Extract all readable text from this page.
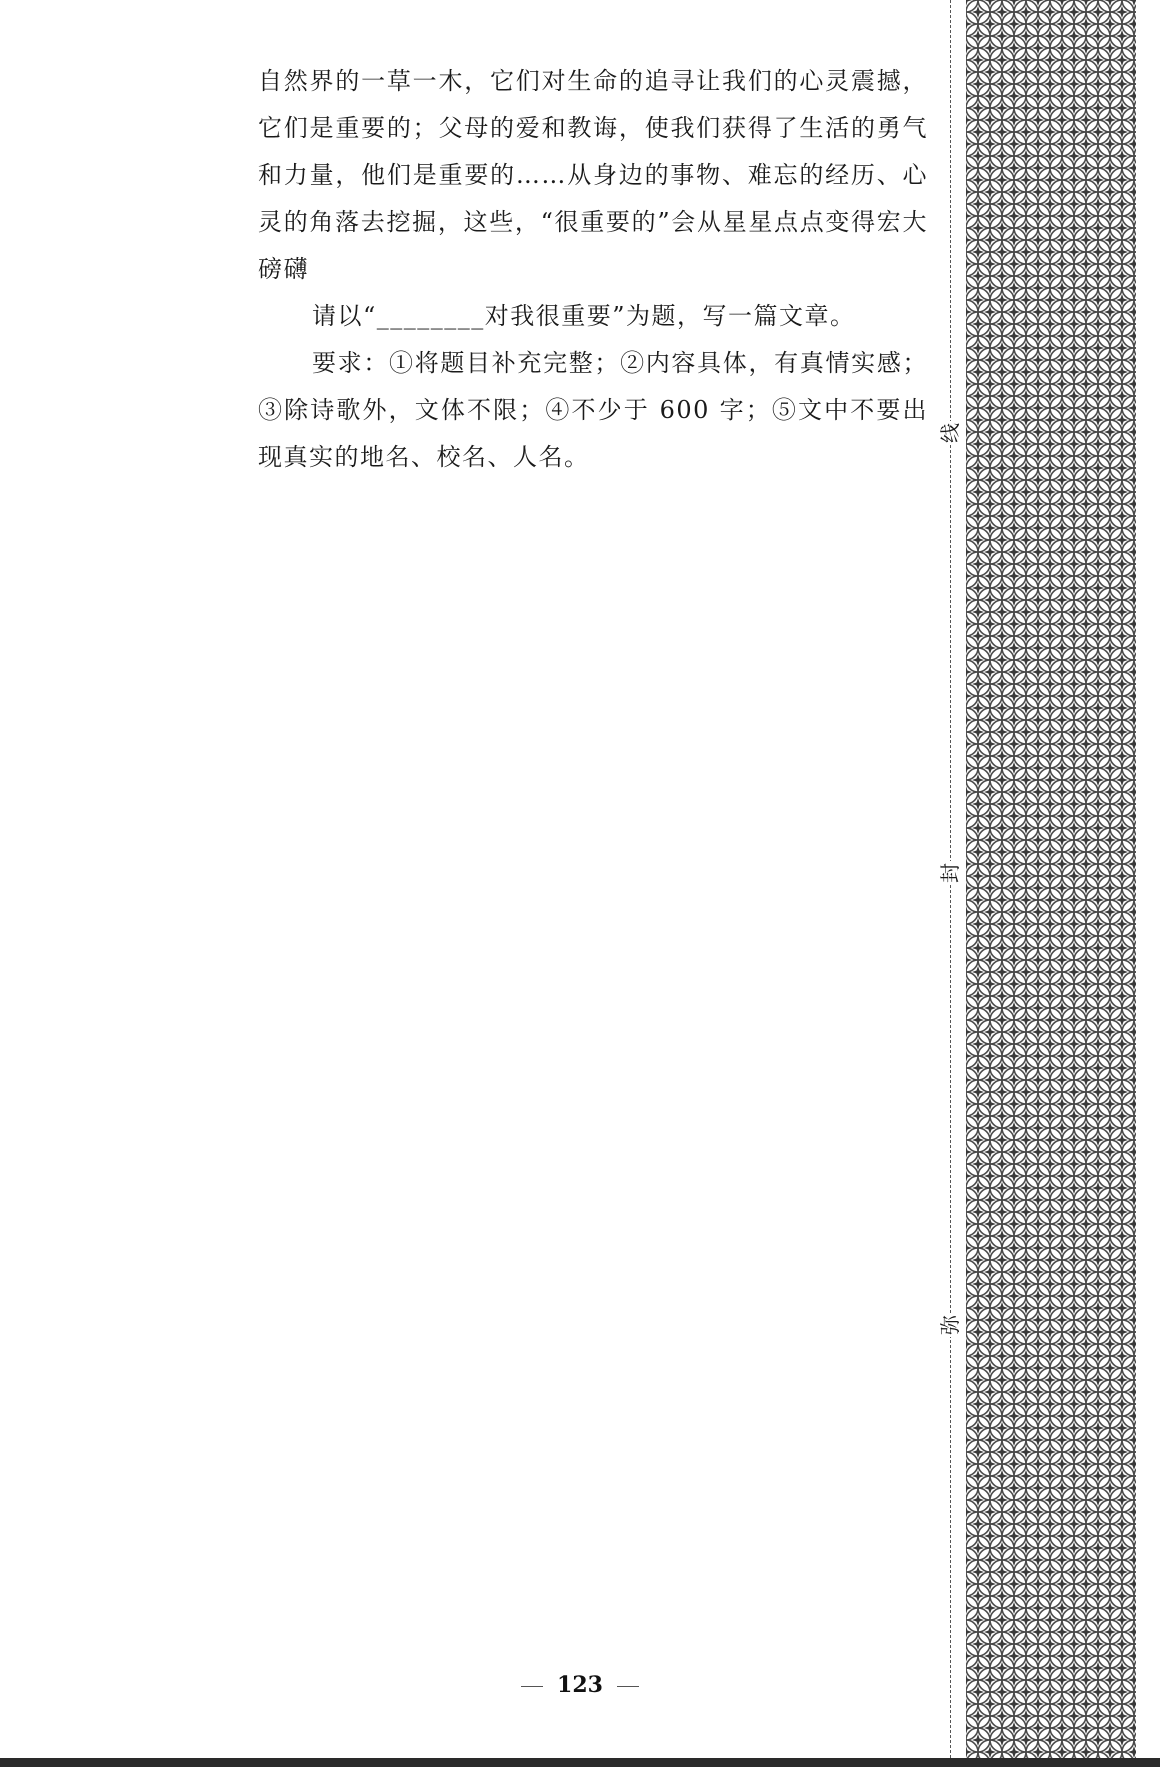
自然界的一草一木，它们对生命的追寻让我们的心灵震撼，它们是重要的；父母的爱和教诲，使我们获得了生活的勇气和力量，他们是重要的……从身边的事物、难忘的经历、心灵的角落去挖掘，这些，“很重要的”会从星星点点变得宏大磅礴

请以“________对我很重要”为题，写一篇文章。

要求：①将题目补充完整；②内容具体，有真情实感；③除诗歌外，文体不限；④不少于 600 字；⑤文中不要出现真实的地名、校名、人名。

线
封
弥
123
